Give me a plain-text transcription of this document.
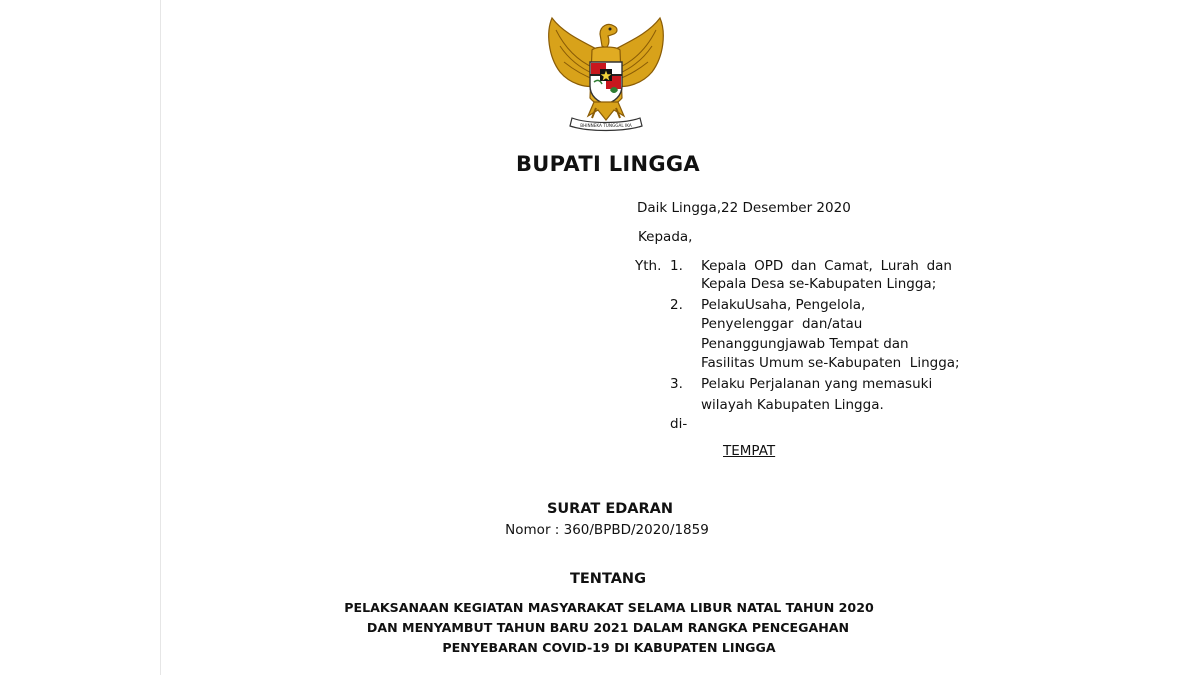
BHINNEKA TUNGGAL IKA
BUPATI LINGGA
Daik Lingga,22 Desember 2020
Kepada,
Yth. 1. Kepala OPD dan Camat, Lurah dan
Kepala Desa se-Kabupaten Lingga;
2. PelakuUsaha, Pengelola,
Penyelenggar  dan/atau
Penanggungjawab Tempat dan
Fasilitas Umum se-Kabupaten  Lingga;
3. Pelaku Perjalanan yang memasuki
wilayah Kabupaten Lingga.
di-
TEMPAT
SURAT EDARAN
Nomor : 360/BPBD/2020/1859
TENTANG
PELAKSANAAN KEGIATAN MASYARAKAT SELAMA LIBUR NATAL TAHUN 2020
DAN MENYAMBUT TAHUN BARU 2021 DALAM RANGKA PENCEGAHAN
PENYEBARAN COVID-19 DI KABUPATEN LINGGA
